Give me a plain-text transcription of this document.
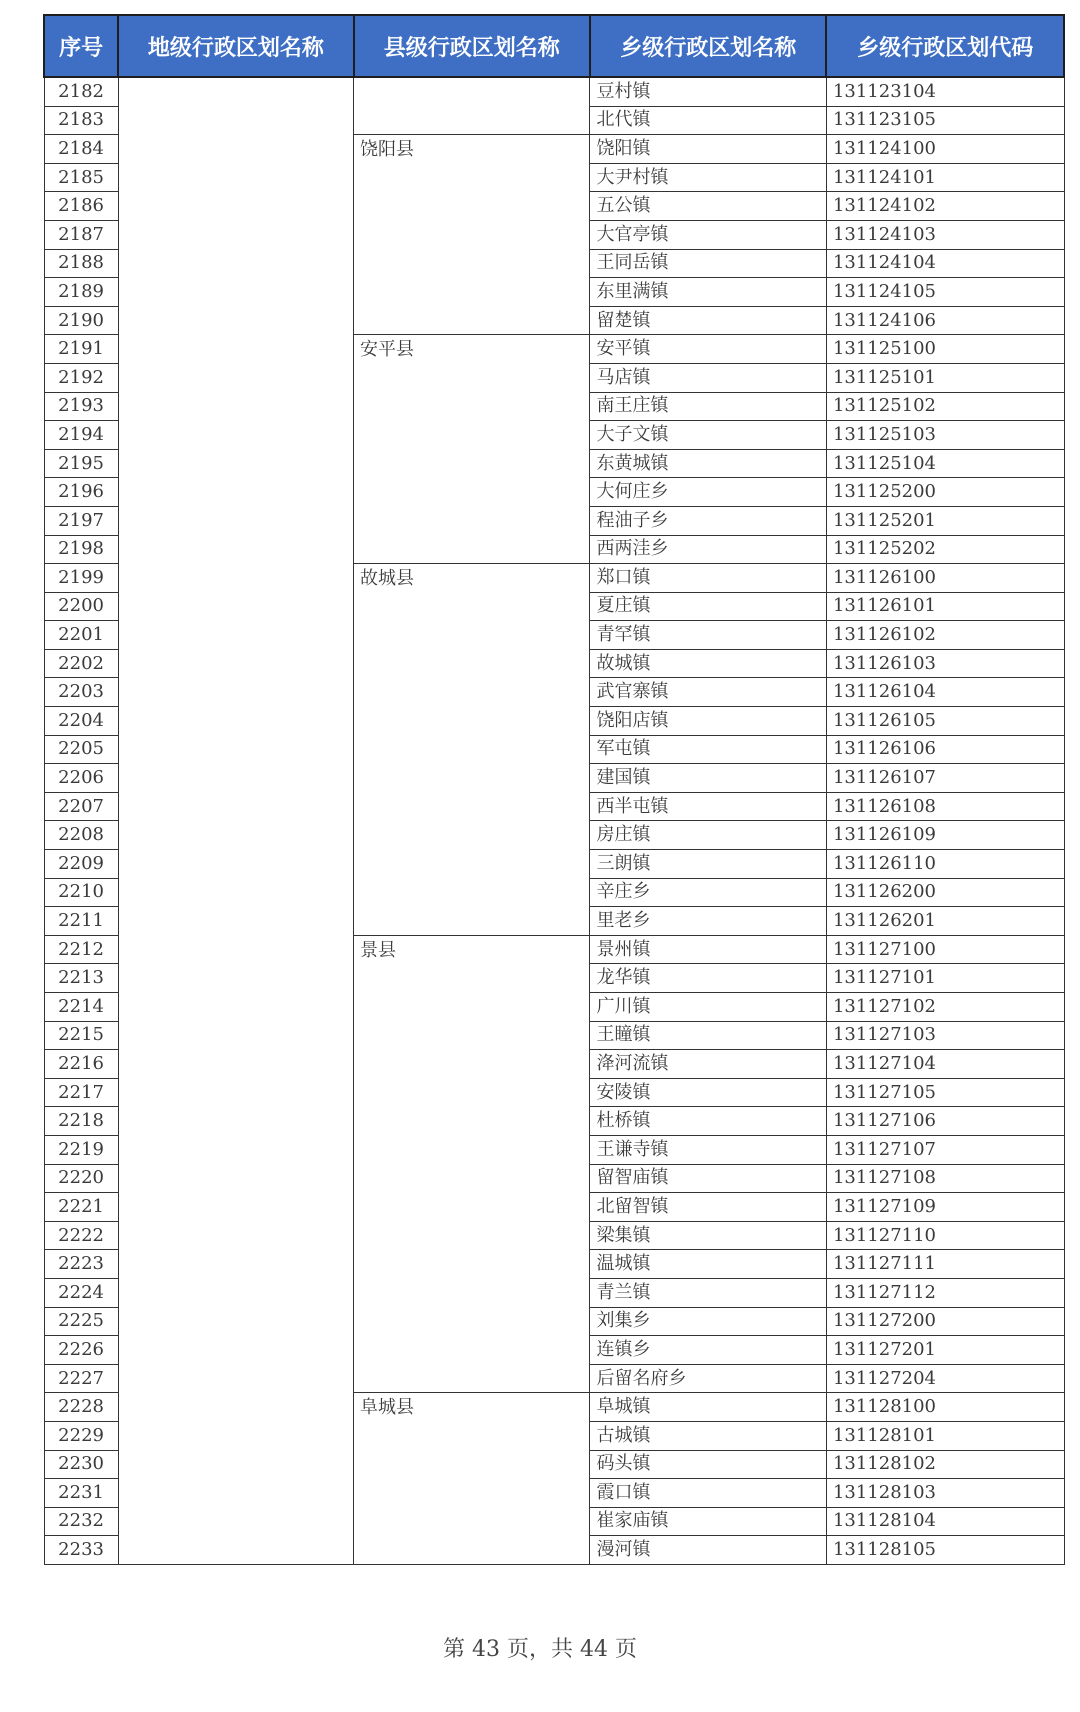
序号	地级行政区划名称	县级行政区划名称	乡级行政区划名称	乡级行政区划代码
2182			豆村镇	131123104
2183			北代镇	131123105
2184		饶阳县	饶阳镇	131124100
2185			大尹村镇	131124101
2186			五公镇	131124102
2187			大官亭镇	131124103
2188			王同岳镇	131124104
2189			东里满镇	131124105
2190			留楚镇	131124106
2191		安平县	安平镇	131125100
2192			马店镇	131125101
2193			南王庄镇	131125102
2194			大子文镇	131125103
2195			东黄城镇	131125104
2196			大何庄乡	131125200
2197			程油子乡	131125201
2198			西两洼乡	131125202
2199		故城县	郑口镇	131126100
2200			夏庄镇	131126101
2201			青罕镇	131126102
2202			故城镇	131126103
2203			武官寨镇	131126104
2204			饶阳店镇	131126105
2205			军屯镇	131126106
2206			建国镇	131126107
2207			西半屯镇	131126108
2208			房庄镇	131126109
2209			三朗镇	131126110
2210			辛庄乡	131126200
2211			里老乡	131126201
2212		景县	景州镇	131127100
2213			龙华镇	131127101
2214			广川镇	131127102
2215			王瞳镇	131127103
2216			洚河流镇	131127104
2217			安陵镇	131127105
2218			杜桥镇	131127106
2219			王谦寺镇	131127107
2220			留智庙镇	131127108
2221			北留智镇	131127109
2222			梁集镇	131127110
2223			温城镇	131127111
2224			青兰镇	131127112
2225			刘集乡	131127200
2226			连镇乡	131127201
2227			后留名府乡	131127204
2228		阜城县	阜城镇	131128100
2229			古城镇	131128101
2230			码头镇	131128102
2231			霞口镇	131128103
2232			崔家庙镇	131128104
2233			漫河镇	131128105
第 43 页，共 44 页
